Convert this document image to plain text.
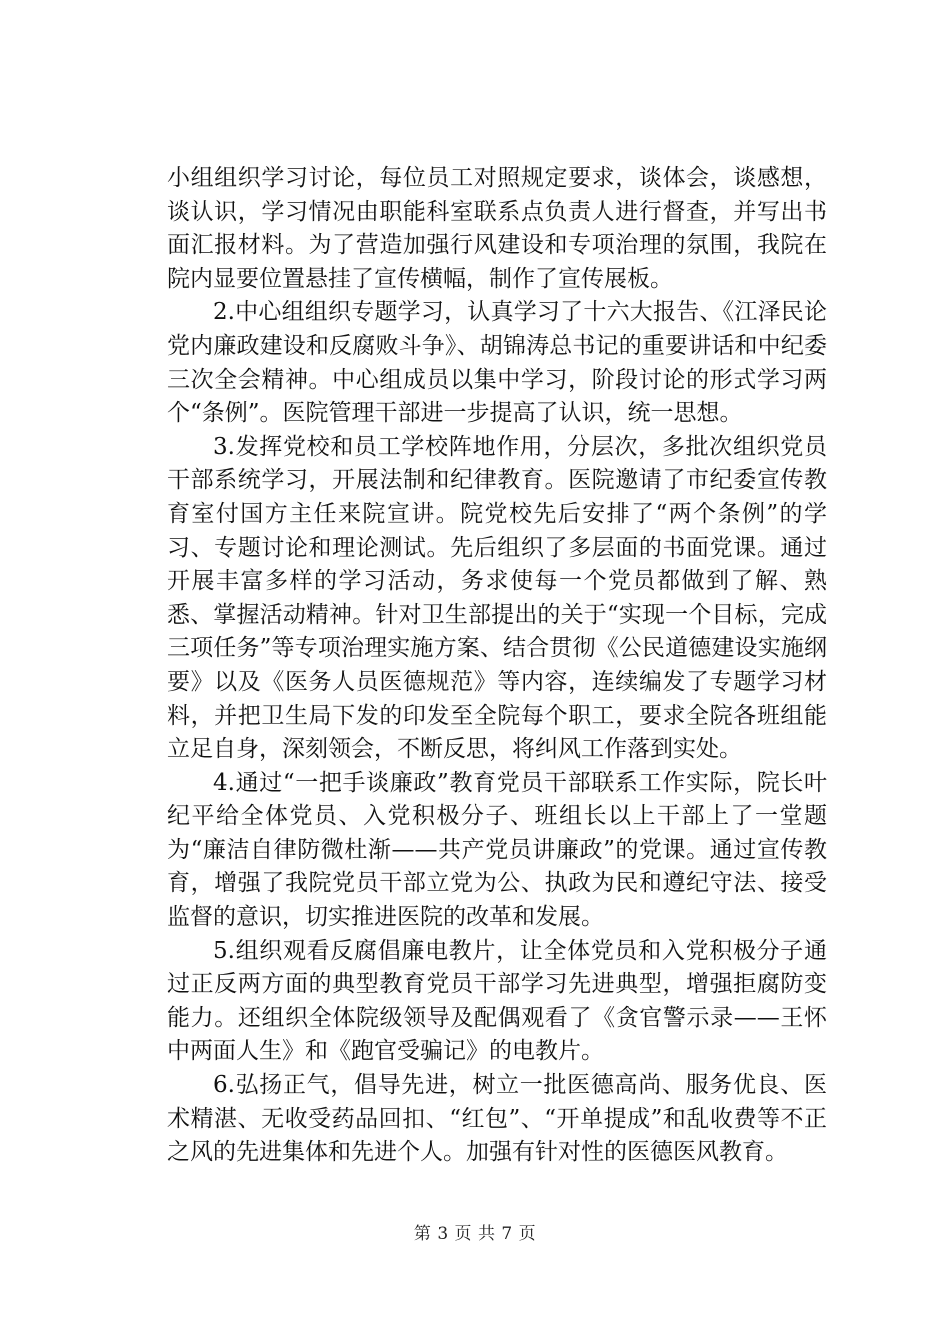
小组组织学习讨论，每位员工对照规定要求，谈体会，谈感想，谈认识，学习情况由职能科室联系点负责人进行督查，并写出书面汇报材料。为了营造加强行风建设和专项治理的氛围，我院在院内显要位置悬挂了宣传横幅，制作了宣传展板。

2.中心组组织专题学习，认真学习了十六大报告、《江泽民论党内廉政建设和反腐败斗争》、胡锦涛总书记的重要讲话和中纪委三次全会精神。中心组成员以集中学习，阶段讨论的形式学习两个“条例”。医院管理干部进一步提高了认识，统一思想。

3.发挥党校和员工学校阵地作用，分层次，多批次组织党员干部系统学习，开展法制和纪律教育。医院邀请了市纪委宣传教育室付国方主任来院宣讲。院党校先后安排了“两个条例”的学习、专题讨论和理论测试。先后组织了多层面的书面党课。通过开展丰富多样的学习活动，务求使每一个党员都做到了解、熟悉、掌握活动精神。针对卫生部提出的关于“实现一个目标，完成三项任务”等专项治理实施方案、结合贯彻《公民道德建设实施纲要》以及《医务人员医德规范》等内容，连续编发了专题学习材料，并把卫生局下发的印发至全院每个职工，要求全院各班组能立足自身，深刻领会，不断反思，将纠风工作落到实处。

4.通过“一把手谈廉政”教育党员干部联系工作实际，院长叶纪平给全体党员、入党积极分子、班组长以上干部上了一堂题为“廉洁自律防微杜渐——共产党员讲廉政”的党课。通过宣传教育，增强了我院党员干部立党为公、执政为民和遵纪守法、接受监督的意识，切实推进医院的改革和发展。

5.组织观看反腐倡廉电教片，让全体党员和入党积极分子通过正反两方面的典型教育党员干部学习先进典型，增强拒腐防变能力。还组织全体院级领导及配偶观看了《贪官警示录——王怀中两面人生》和《跑官受骗记》的电教片。

6.弘扬正气，倡导先进，树立一批医德高尚、服务优良、医术精湛、无收受药品回扣、“红包”、“开单提成”和乱收费等不正之风的先进集体和先进个人。加强有针对性的医德医风教育。

第 3 页 共 7 页
